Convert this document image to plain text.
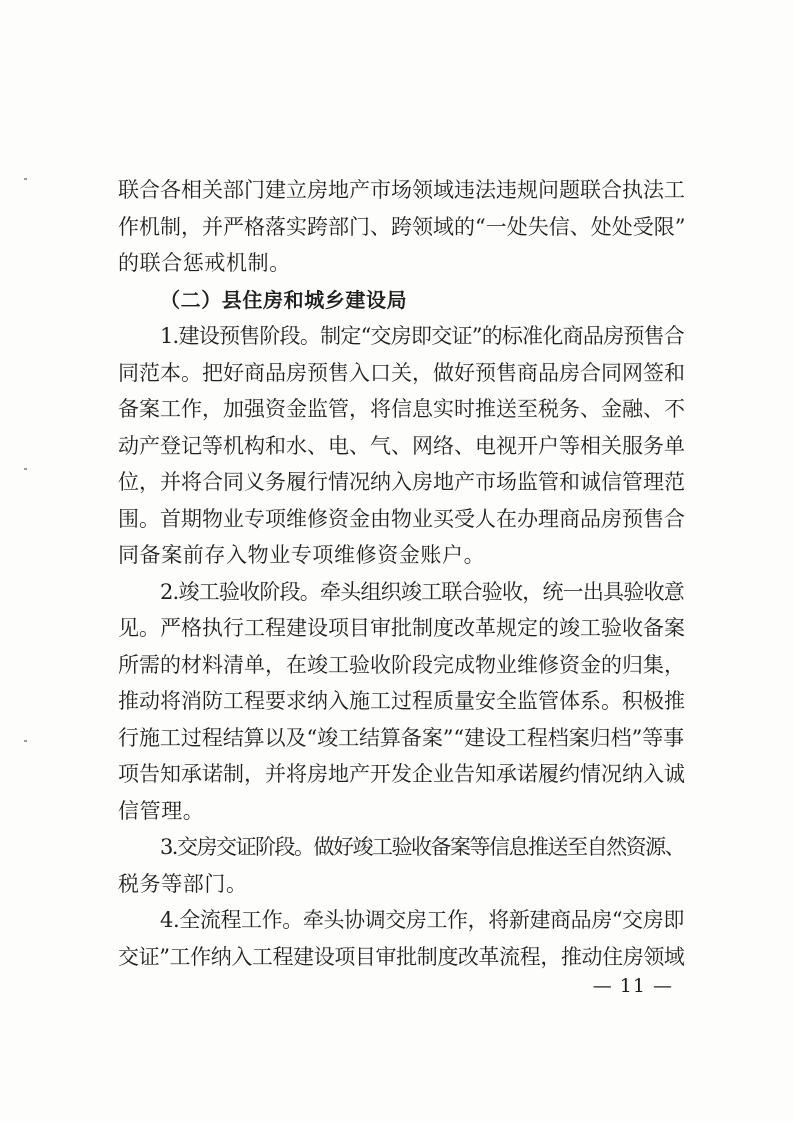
联合各相关部门建立房地产市场领域违法违规问题联合执法工
作机制，并严格落实跨部门、跨领域的“一处失信、处处受限”
的联合惩戒机制。
（二）县住房和城乡建设局
1.建设预售阶段。制定“交房即交证”的标准化商品房预售合
同范本。把好商品房预售入口关，做好预售商品房合同网签和
备案工作，加强资金监管，将信息实时推送至税务、金融、不
动产登记等机构和水、电、气、网络、电视开户等相关服务单
位，并将合同义务履行情况纳入房地产市场监管和诚信管理范
围。首期物业专项维修资金由物业买受人在办理商品房预售合
同备案前存入物业专项维修资金账户。
2.竣工验收阶段。牵头组织竣工联合验收，统一出具验收意
见。严格执行工程建设项目审批制度改革规定的竣工验收备案
所需的材料清单，在竣工验收阶段完成物业维修资金的归集，
推动将消防工程要求纳入施工过程质量安全监管体系。积极推
行施工过程结算以及“竣工结算备案”“建设工程档案归档”等事
项告知承诺制，并将房地产开发企业告知承诺履约情况纳入诚
信管理。
3.交房交证阶段。做好竣工验收备案等信息推送至自然资源、
税务等部门。
4.全流程工作。牵头协调交房工作，将新建商品房“交房即
交证”工作纳入工程建设项目审批制度改革流程，推动住房领域
— 11 —
